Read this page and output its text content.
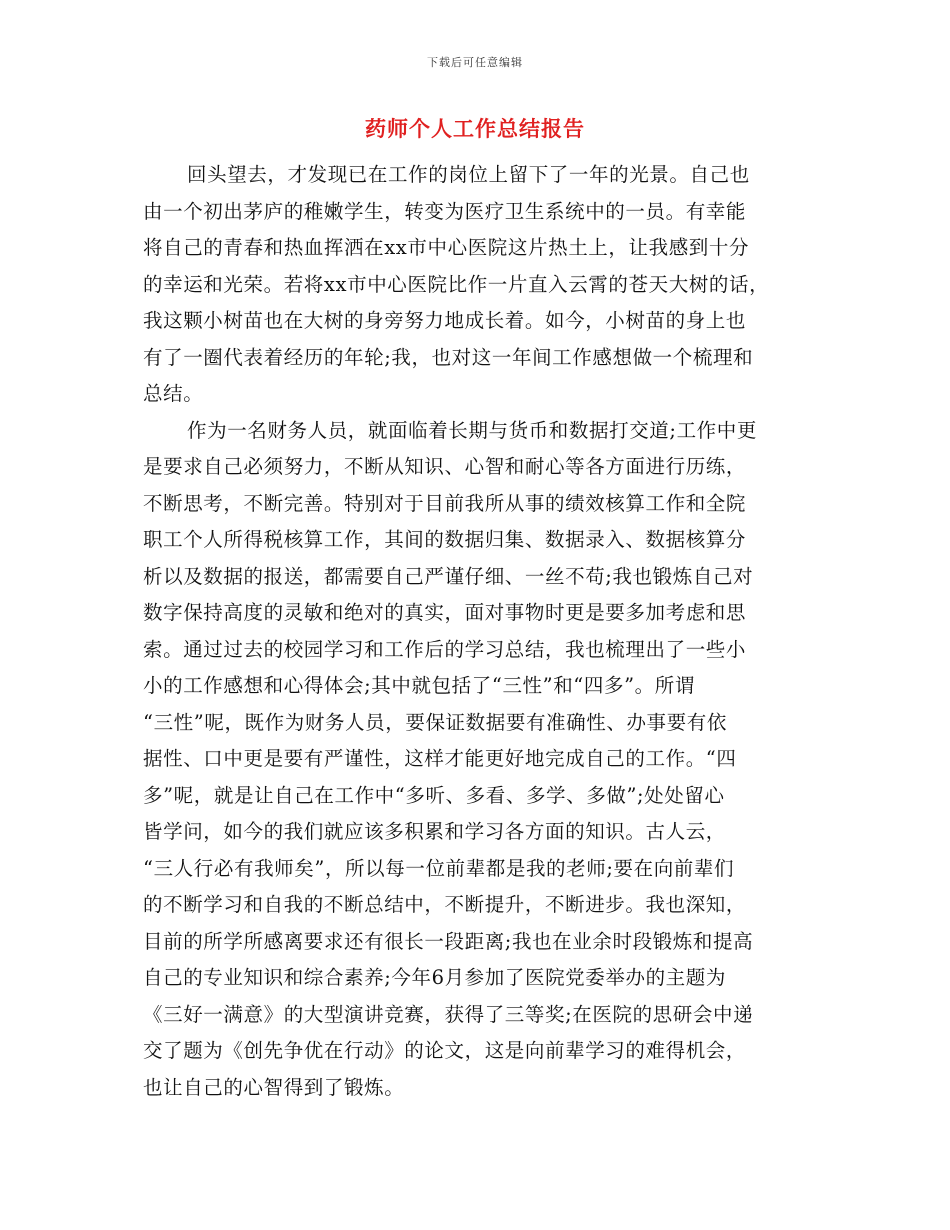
下载后可任意编辑
药师个人工作总结报告
回头望去，才发现已在工作的岗位上留下了一年的光景。自己也
由一个初出茅庐的稚嫩学生，转变为医疗卫生系统中的一员。有幸能
将自己的青春和热血挥洒在xx市中心医院这片热土上，让我感到十分
的幸运和光荣。若将xx市中心医院比作一片直入云霄的苍天大树的话，
我这颗小树苗也在大树的身旁努力地成长着。如今，小树苗的身上也
有了一圈代表着经历的年轮;我，也对这一年间工作感想做一个梳理和
总结。
作为一名财务人员，就面临着长期与货币和数据打交道;工作中更
是要求自己必须努力，不断从知识、心智和耐心等各方面进行历练，
不断思考，不断完善。特别对于目前我所从事的绩效核算工作和全院
职工个人所得税核算工作，其间的数据归集、数据录入、数据核算分
析以及数据的报送，都需要自己严谨仔细、一丝不苟;我也锻炼自己对
数字保持高度的灵敏和绝对的真实，面对事物时更是要多加考虑和思
索。通过过去的校园学习和工作后的学习总结，我也梳理出了一些小
小的工作感想和心得体会;其中就包括了“三性”和“四多”。所谓
“三性”呢，既作为财务人员，要保证数据要有准确性、办事要有依
据性、口中更是要有严谨性，这样才能更好地完成自己的工作。“四
多”呢，就是让自己在工作中“多听、多看、多学、多做”;处处留心
皆学问，如今的我们就应该多积累和学习各方面的知识。古人云，
“三人行必有我师矣”，所以每一位前辈都是我的老师;要在向前辈们
的不断学习和自我的不断总结中，不断提升，不断进步。我也深知，
目前的所学所感离要求还有很长一段距离;我也在业余时段锻炼和提高
自己的专业知识和综合素养;今年6月参加了医院党委举办的主题为
《三好一满意》的大型演讲竞赛，获得了三等奖;在医院的思研会中递
交了题为《创先争优在行动》的论文，这是向前辈学习的难得机会，
也让自己的心智得到了锻炼。
